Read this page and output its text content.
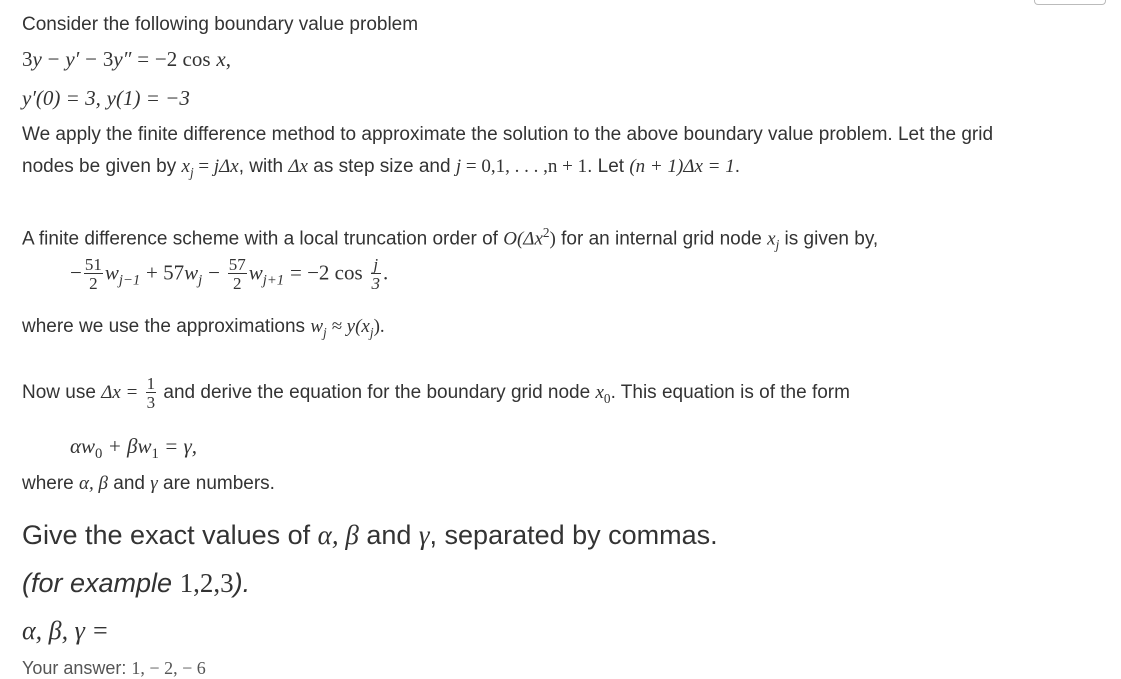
Consider the following boundary value problem
3y − y′ − 3y″ = −2 cos x,
y′(0) = 3, y(1) = −3
We apply the finite difference method to approximate the solution to the above boundary value problem. Let the grid
nodes be given by $x_j = j\Delta x$, with Δx as step size and j = 0,1, . . . ,n + 1. Let (n + 1)Δx = 1.
A finite difference scheme with a local truncation order of $O(\Delta x^2)$ for an internal grid node $x_j$ is given by,
− $\frac{51}{2} w_{j-1} + 57w_j - \frac{57}{2} w_{j+1} = -2$ $\cos \frac{j}{3}$ .
where we use the approximations $w_j \approx y(x_j)$.
Now use $\Delta x = \frac{1}{3}$ and derive the equation for the boundary grid node $x_0$. This equation is of the form
$\alpha w_0 + \beta w_1 = \gamma$,
where α, β and γ are numbers.
Give the exact values of α, β and γ, separated by commas.
(for example 1,2,3).
α, β, γ =
Your answer: 1, − 2, − 6
